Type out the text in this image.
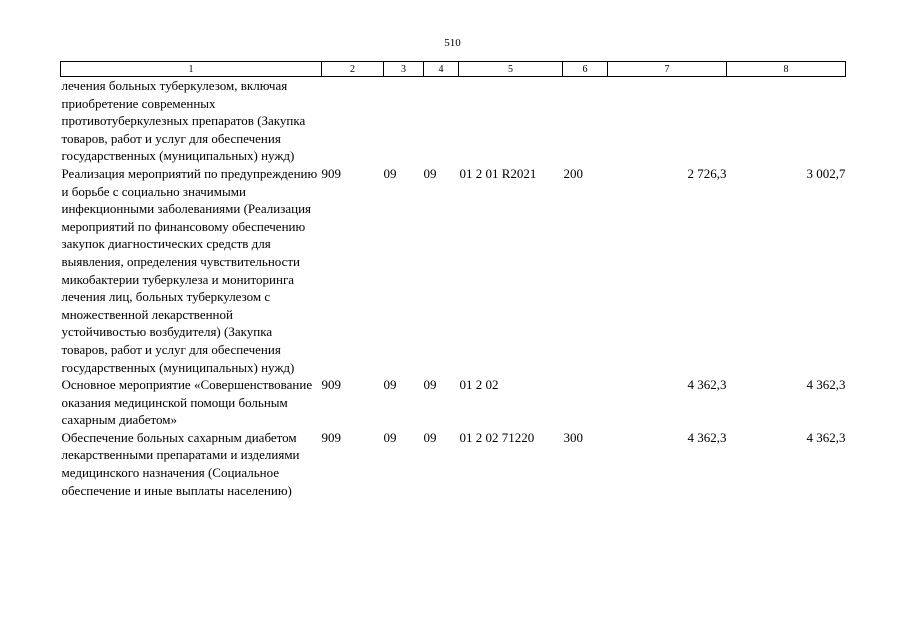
510
1	2	3	4	5	6	7	8
лечения больных туберкулезом, включая приобретение современных противотуберкулезных препаратов (Закупка товаров, работ и услуг для обеспечения государственных (муниципальных) нужд)							
Реализация мероприятий по предупреждению и борьбе с социально значимыми инфекционными заболеваниями (Реализация мероприятий по финансовому обеспечению закупок диагностических средств для выявления, определения чувствительности микобактерии туберкулеза и мониторинга лечения лиц, больных туберкулезом с множественной лекарственной устойчивостью возбудителя) (Закупка товаров, работ и услуг для обеспечения государственных (муниципальных) нужд)	909	09	09	01 2 01 R2021	200	2 726,3	3 002,7
Основное мероприятие «Совершенствование оказания медицинской помощи больным сахарным диабетом»	909	09	09	01 2 02		4 362,3	4 362,3
Обеспечение больных сахарным диабетом лекарственными препаратами и изделиями медицинского назначения (Социальное обеспечение и иные выплаты населению)	909	09	09	01 2 02 71220	300	4 362,3	4 362,3
